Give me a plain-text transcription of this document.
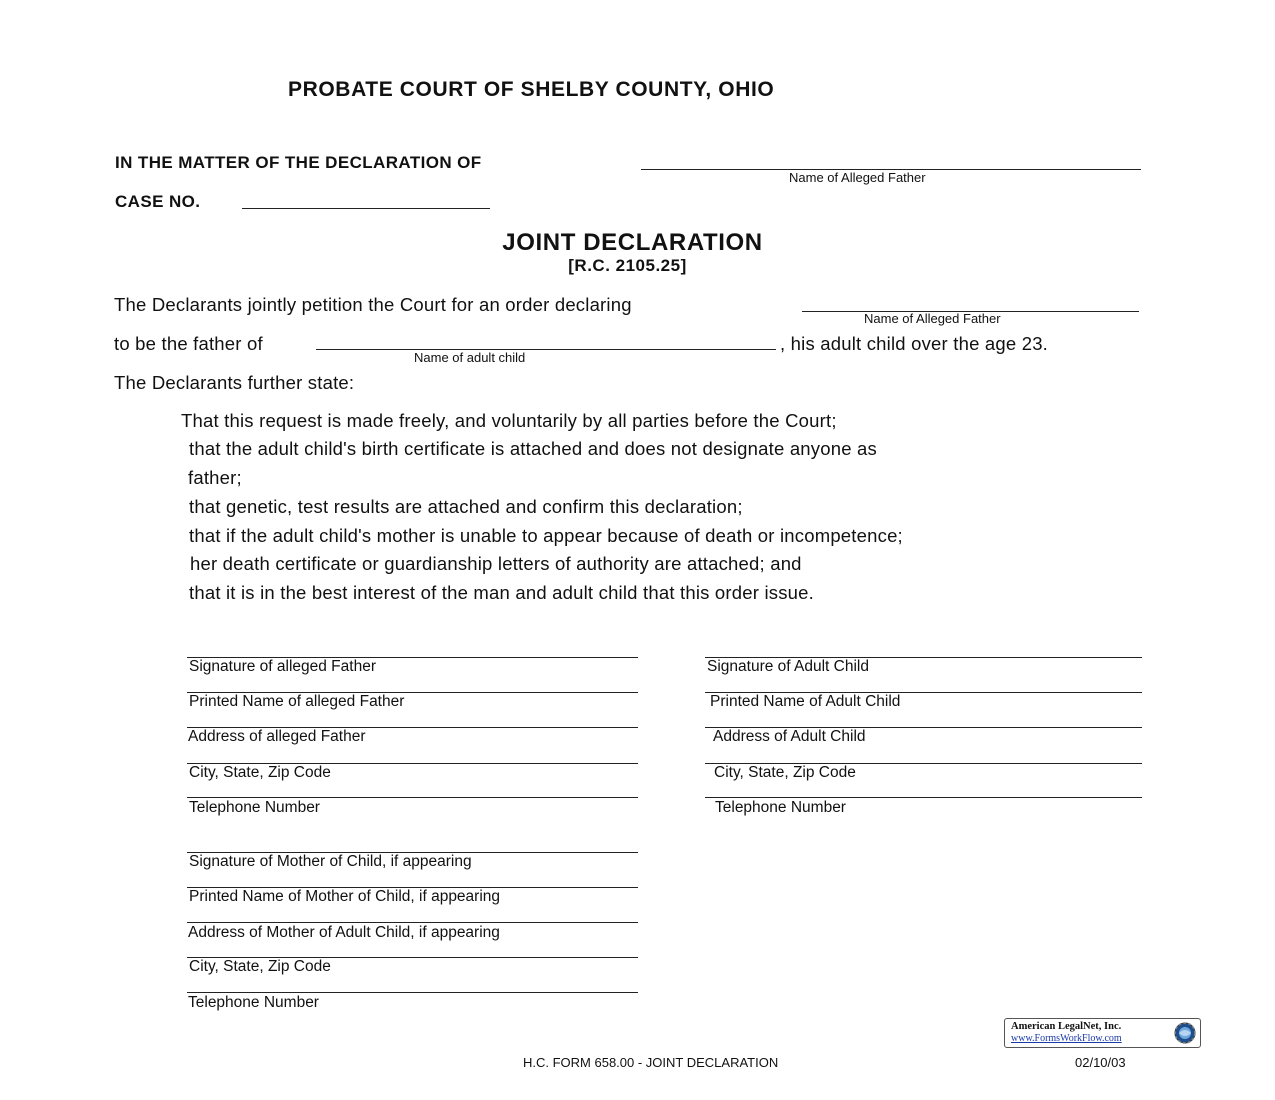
PROBATE COURT OF SHELBY COUNTY, OHIO
IN THE MATTER OF THE DECLARATION OF
Name of Alleged Father
CASE NO.
JOINT DECLARATION
[R.C. 2105.25]
The Declarants jointly petition the Court for an order declaring
Name of Alleged Father
to be the father of
Name of adult child
, his adult child over the age 23.
The Declarants further state:
That this request is made freely, and voluntarily by all parties before the Court;
that the adult child's birth certificate is attached and does not designate anyone as
father;
that genetic, test results are attached and confirm this declaration;
that if the adult child's mother is unable to appear because of death or incompetence;
her death certificate or guardianship letters of authority are attached; and
that it is in the best interest of the man and adult child that this order issue.
Signature of alleged Father
Printed Name of alleged Father
Address of alleged Father
City, State, Zip Code
Telephone Number
Signature of Adult Child
Printed Name of Adult Child
Address of Adult Child
City, State, Zip Code
Telephone Number
Signature of Mother of Child, if appearing
Printed Name of Mother of Child, if appearing
Address of Mother of Adult Child, if appearing
City, State, Zip Code
Telephone Number
American LegalNet, Inc.
www.FormsWorkFlow.com
H.C. FORM 658.00 - JOINT DECLARATION	02/10/03
